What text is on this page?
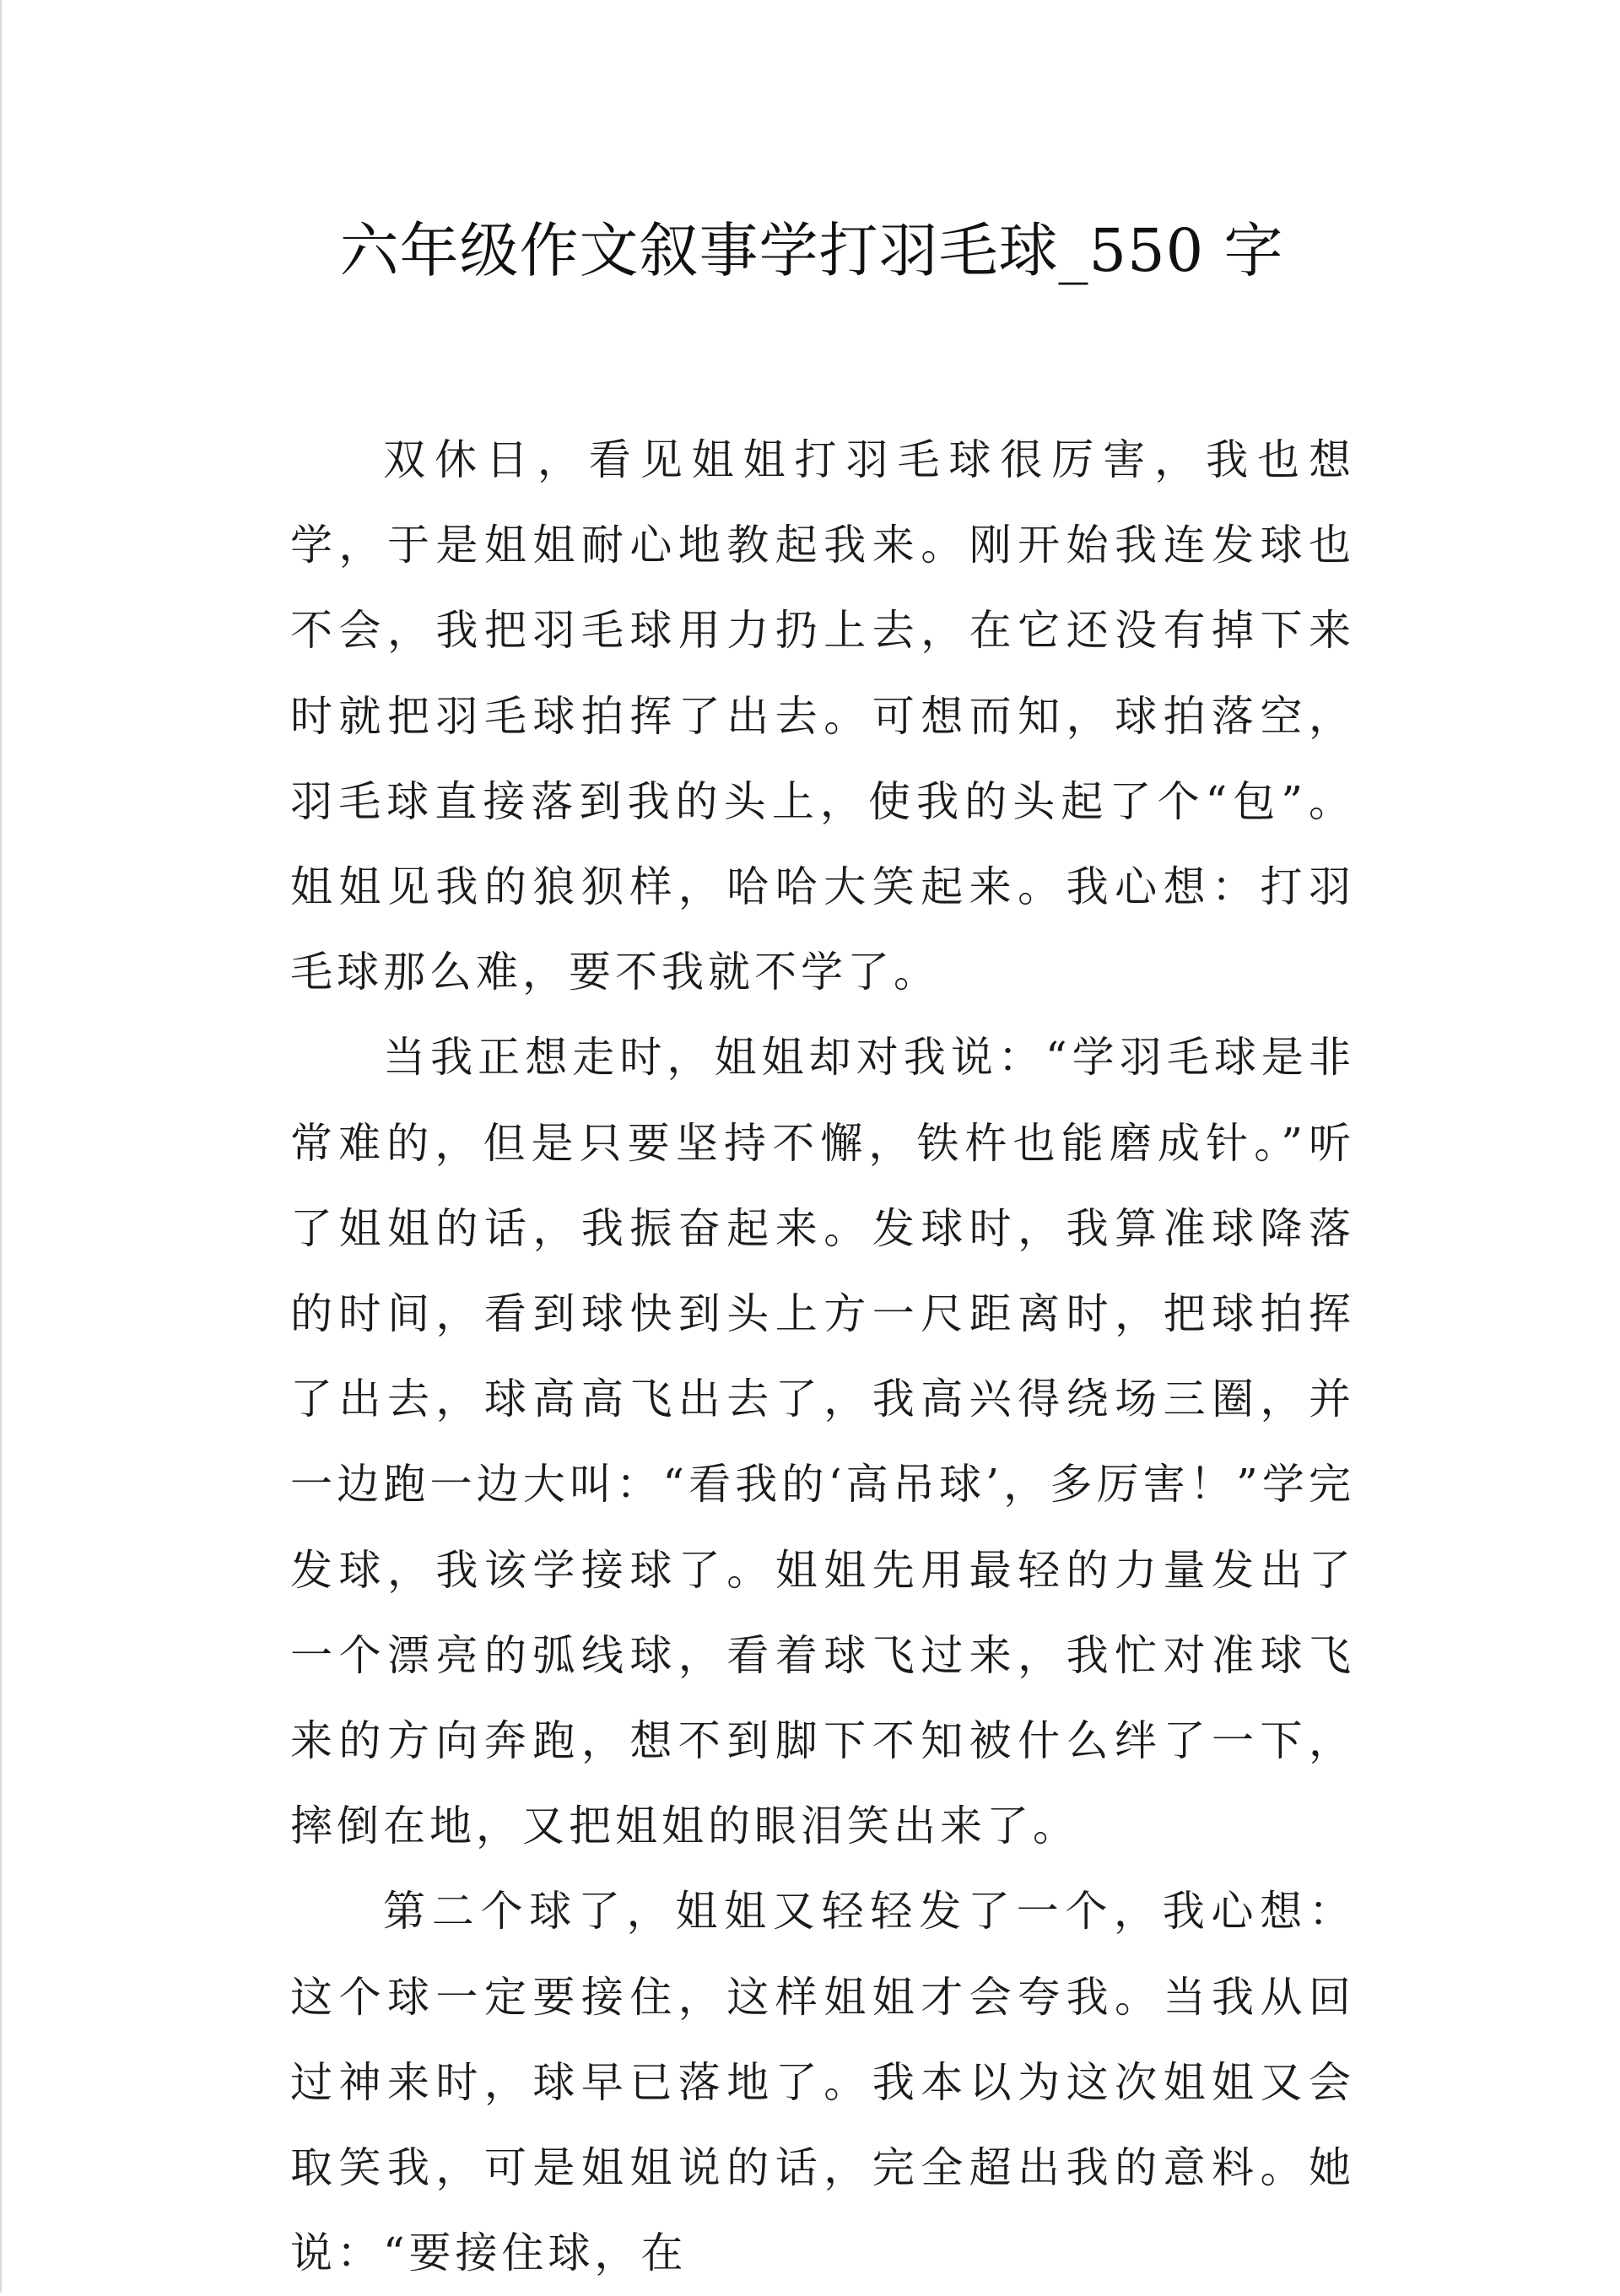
六年级作文叙事学打羽毛球_550 字

双休日，看见姐姐打羽毛球很厉害，我也想学，于是姐姐耐心地教起我来。刚开始我连发球也不会，我把羽毛球用力扔上去，在它还没有掉下来时就把羽毛球拍挥了出去。可想而知，球拍落空，羽毛球直接落到我的头上，使我的头起了个“包”。姐姐见我的狼狈样，哈哈大笑起来。我心想：打羽毛球那么难，要不我就不学了。

当我正想走时，姐姐却对我说：“学羽毛球是非常难的，但是只要坚持不懈，铁杵也能磨成针。”听了姐姐的话，我振奋起来。发球时，我算准球降落的时间，看到球快到头上方一尺距离时，把球拍挥了出去，球高高飞出去了，我高兴得绕场三圈，并一边跑一边大叫：“看我的‘高吊球’，多厉害！”学完发球，我该学接球了。姐姐先用最轻的力量发出了一个漂亮的弧线球，看着球飞过来，我忙对准球飞来的方向奔跑，想不到脚下不知被什么绊了一下，摔倒在地，又把姐姐的眼泪笑出来了。

第二个球了，姐姐又轻轻发了一个，我心想：这个球一定要接住，这样姐姐才会夸我。当我从回过神来时，球早已落地了。我本以为这次姐姐又会取笑我，可是姐姐说的话，完全超出我的意料。她说：“要接住球，在
